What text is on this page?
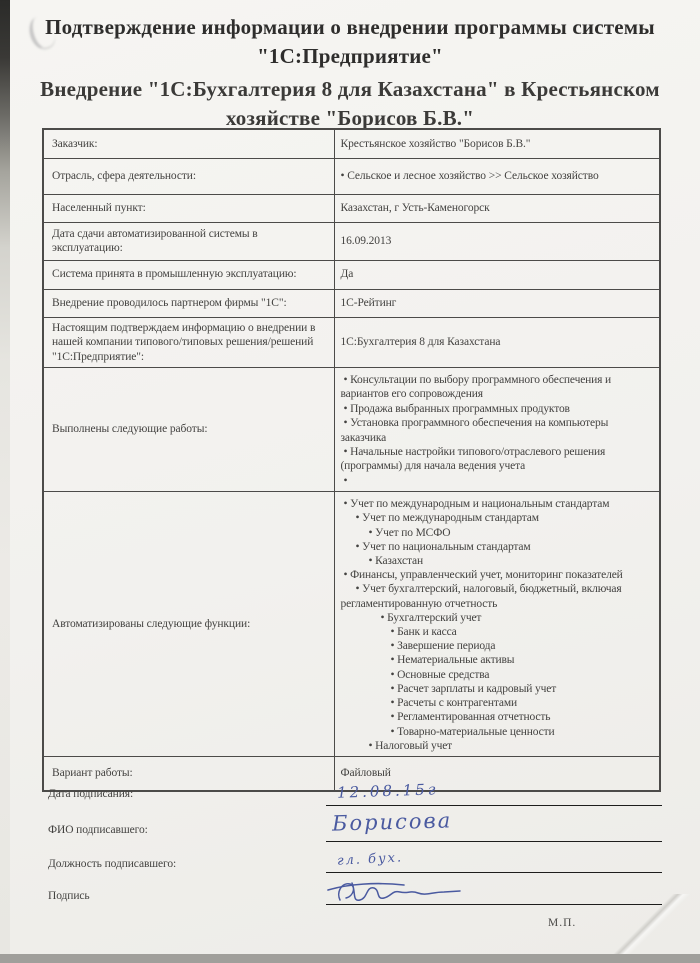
Подтверждение информации о внедрении программы системы
"1С:Предприятие"
Внедрение "1С:Бухгалтерия 8 для Казахстана" в Крестьянском
хозяйстве "Борисов Б.В."
Заказчик:	Крестьянское хозяйство "Борисов Б.В."
Отрасль, сфера деятельности:	• Сельское и лесное хозяйство >> Сельское хозяйство
Населенный пункт:	Казахстан, г Усть-Каменогорск
Дата сдачи автоматизированной системы в эксплуатацию:	16.09.2013
Система принята в промышленную эксплуатацию:	Да
Внедрение проводилось партнером фирмы "1С":	1С-Рейтинг
Настоящим подтверждаем информацию о внедрении в нашей компании типового/типовых решения/решений "1С:Предприятие":	1С:Бухгалтерия 8 для Казахстана
Выполнены следующие работы:	• Консультации по выбору программного обеспечения и вариантов его сопровождения
• Продажа выбранных программных продуктов
• Установка программного обеспечения на компьютеры заказчика
• Начальные настройки типового/отраслевого решения (программы) для начала ведения учета
•

Автоматизированы следующие функции:	
• Учет по международным и национальным стандартам
• Учет по международным стандартам
• Учет по МСФО
• Учет по национальным стандартам
• Казахстан
• Финансы, управленческий учет, мониторинг показателей
• Учет бухгалтерский, налоговый, бюджетный, включая регламентированную отчетность
• Бухгалтерский учет
• Банк и касса
• Завершение периода
• Нематериальные активы
• Основные средства
• Расчет зарплаты и кадровый учет
• Расчеты с контрагентами
• Регламентированная отчетность
• Товарно-материальные ценности
• Налоговый учет

Вариант работы:	Файловый
Дата подписания:	12.08.15г
ФИО подписавшего:	Борисова
Должность подписавшего:	гл. бух.
Подпись
М.П.
